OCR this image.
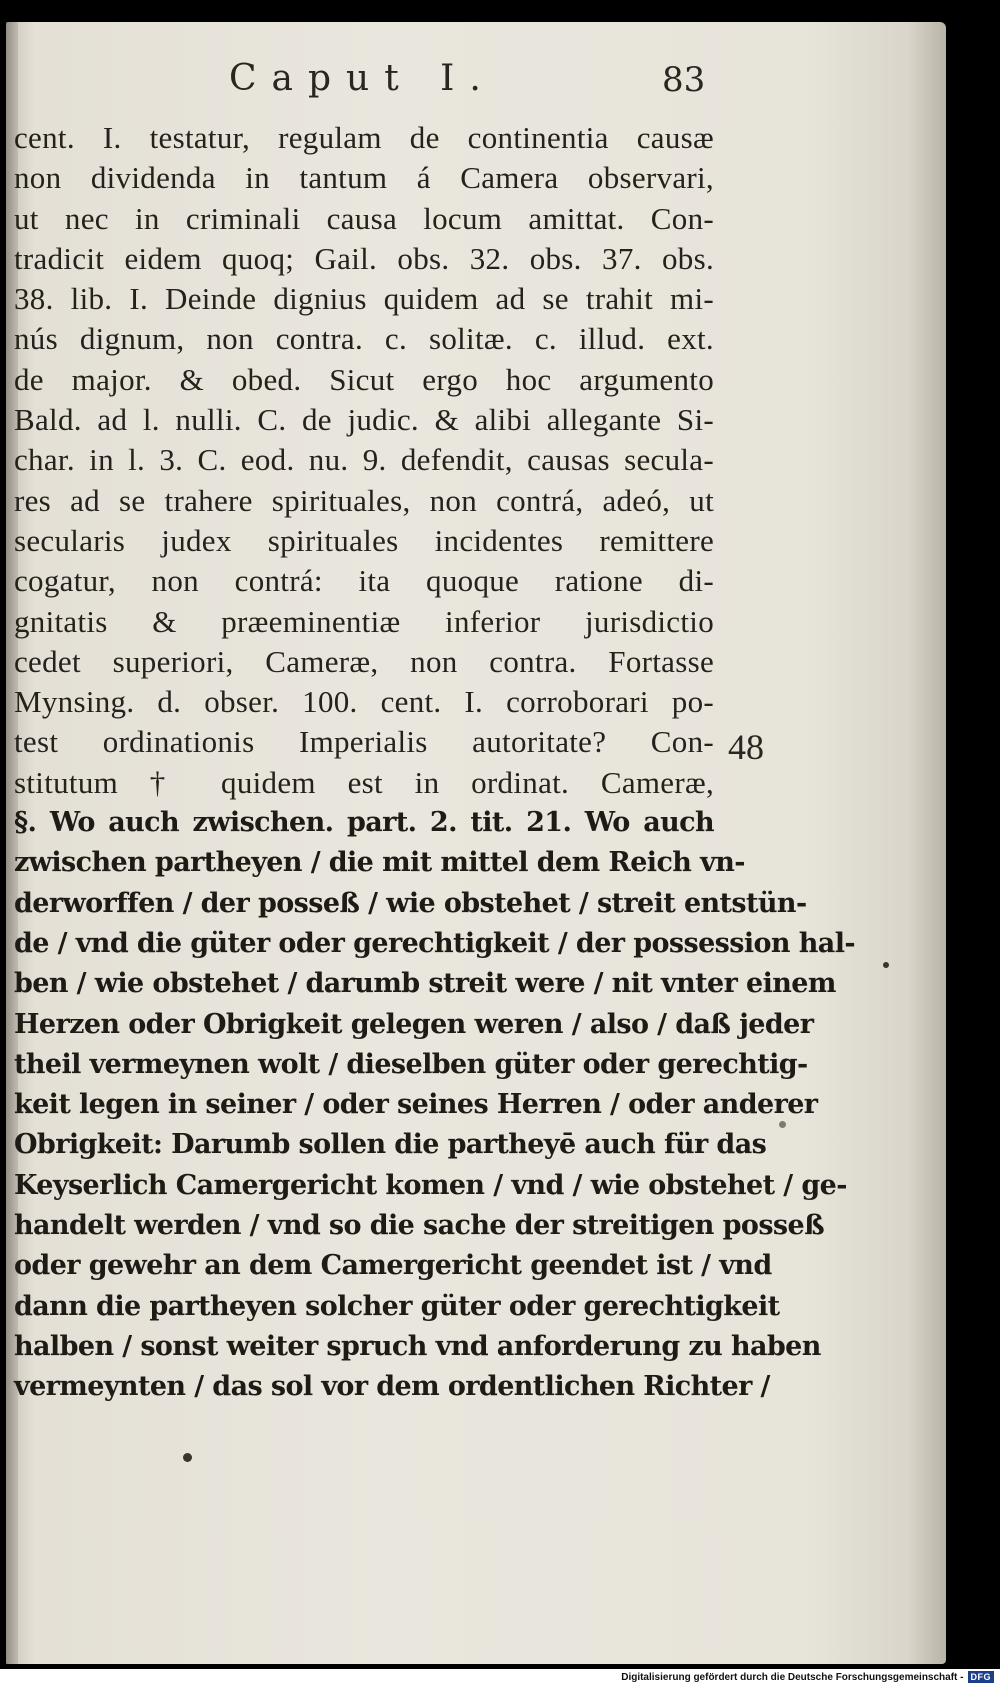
Caput I.	83
cent. I. testatur, regulam de continentia causæ
non dividenda in tantum á Camera observari,
ut nec in criminali causa locum amittat. Con-
tradicit eidem quoq; Gail. obs. 32. obs. 37. obs.
38. lib. I. Deinde dignius quidem ad se trahit mi-
nús dignum, non contra. c. solitæ. c. illud. ext.
de major. & obed. Sicut ergo hoc argumento
Bald. ad l. nulli. C. de judic. & alibi allegante Si-
char. in l. 3. C. eod. nu. 9. defendit, causas secula-
res ad se trahere spirituales, non contrá, adeó, ut
secularis judex spirituales incidentes remittere
cogatur, non contrá: ita quoque ratione di-
gnitatis & præeminentiæ inferior jurisdictio
cedet superiori, Cameræ, non contra. Fortasse
Mynsing. d. obser. 100. cent. I. corroborari po-
test ordinationis Imperialis autoritate? Con-
stitutum † quidem est in ordinat. Cameræ,
§. Wo auch zwischen. part. 2. tit. 21. Wo auch
zwischen partheyen / die mit mittel dem Reich vn-
derworffen / der posseß / wie obstehet / streit entstün-
de / vnd die güter oder gerechtigkeit / der possession hal-
ben / wie obstehet / darumb streit were / nit vnter einem
Herzen oder Obrigkeit gelegen weren / also / daß jeder
theil vermeynen wolt / dieselben güter oder gerechtig-
keit legen in seiner / oder seines Herren / oder anderer
Obrigkeit: Darumb sollen die partheyē auch für das
Keyserlich Camergericht komen / vnd / wie obstehet / ge-
handelt werden / vnd so die sache der streitigen posseß
oder gewehr an dem Camergericht geendet ist / vnd
dann die partheyen solcher güter oder gerechtigkeit
halben / sonst weiter spruch vnd anforderung zu haben
vermeynten / das sol vor dem ordentlichen Richter /
48
Digitalisierung gefördert durch die Deutsche Forschungsgemeinschaft - DFG
